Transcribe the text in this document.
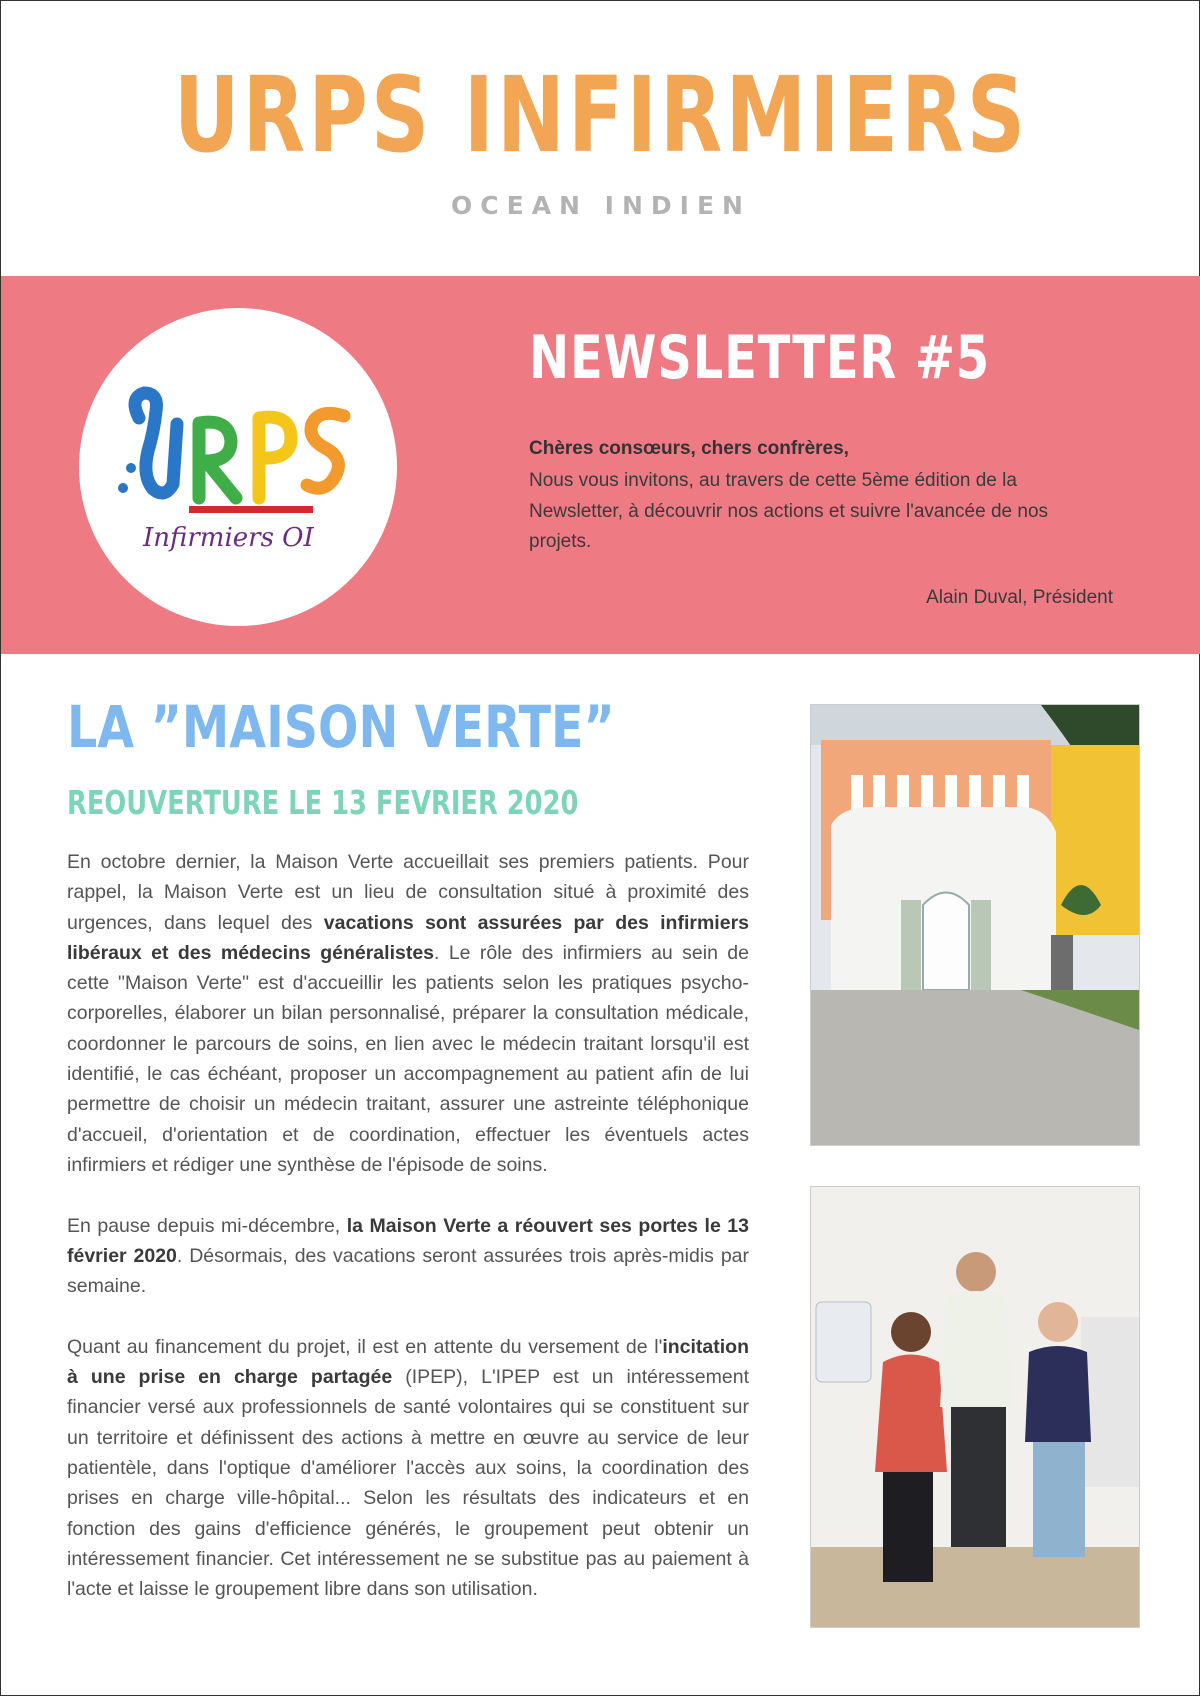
URPS INFIRMIERS
OCEAN INDIEN
Infirmiers OI
NEWSLETTER #5
Chères consœurs, chers confrères,
Nous vous invitons, au travers de cette 5ème édition de la Newsletter, à découvrir nos actions et suivre l'avancée de nos projets.
Alain Duval, Président
LA ”MAISON VERTE”
REOUVERTURE LE 13 FEVRIER 2020

En octobre dernier, la Maison Verte accueillait ses premiers patients. Pour rappel, la Maison Verte est un lieu de consultation situé à proximité des urgences, dans lequel des vacations sont assurées par des infirmiers libéraux et des médecins généralistes. Le rôle des infirmiers au sein de cette "Maison Verte" est d'accueillir les patients selon les pratiques psycho-corporelles, élaborer un bilan personnalisé, préparer la consultation médicale, coordonner le parcours de soins, en lien avec le médecin traitant lorsqu'il est identifié, le cas échéant, proposer un accompagnement au patient afin de lui permettre de choisir un médecin traitant, assurer une astreinte téléphonique d'accueil, d'orientation et de coordination, effectuer les éventuels actes infirmiers et rédiger une synthèse de l'épisode de soins.

En pause depuis mi-décembre, la Maison Verte a réouvert ses portes le 13 février 2020. Désormais, des vacations seront assurées trois après-midis par semaine.

Quant au financement du projet, il est en attente du versement de l'incitation à une prise en charge partagée (IPEP), L'IPEP est un intéressement financier versé aux professionnels de santé volontaires qui se constituent sur un territoire et définissent des actions à mettre en œuvre au service de leur patientèle, dans l'optique d'améliorer l'accès aux soins, la coordination des prises en charge ville-hôpital... Selon les résultats des indicateurs et en fonction des gains d'efficience générés, le groupement peut obtenir un intéressement financier. Cet intéressement ne se substitue pas au paiement à l'acte et laisse le groupement libre dans son utilisation.
